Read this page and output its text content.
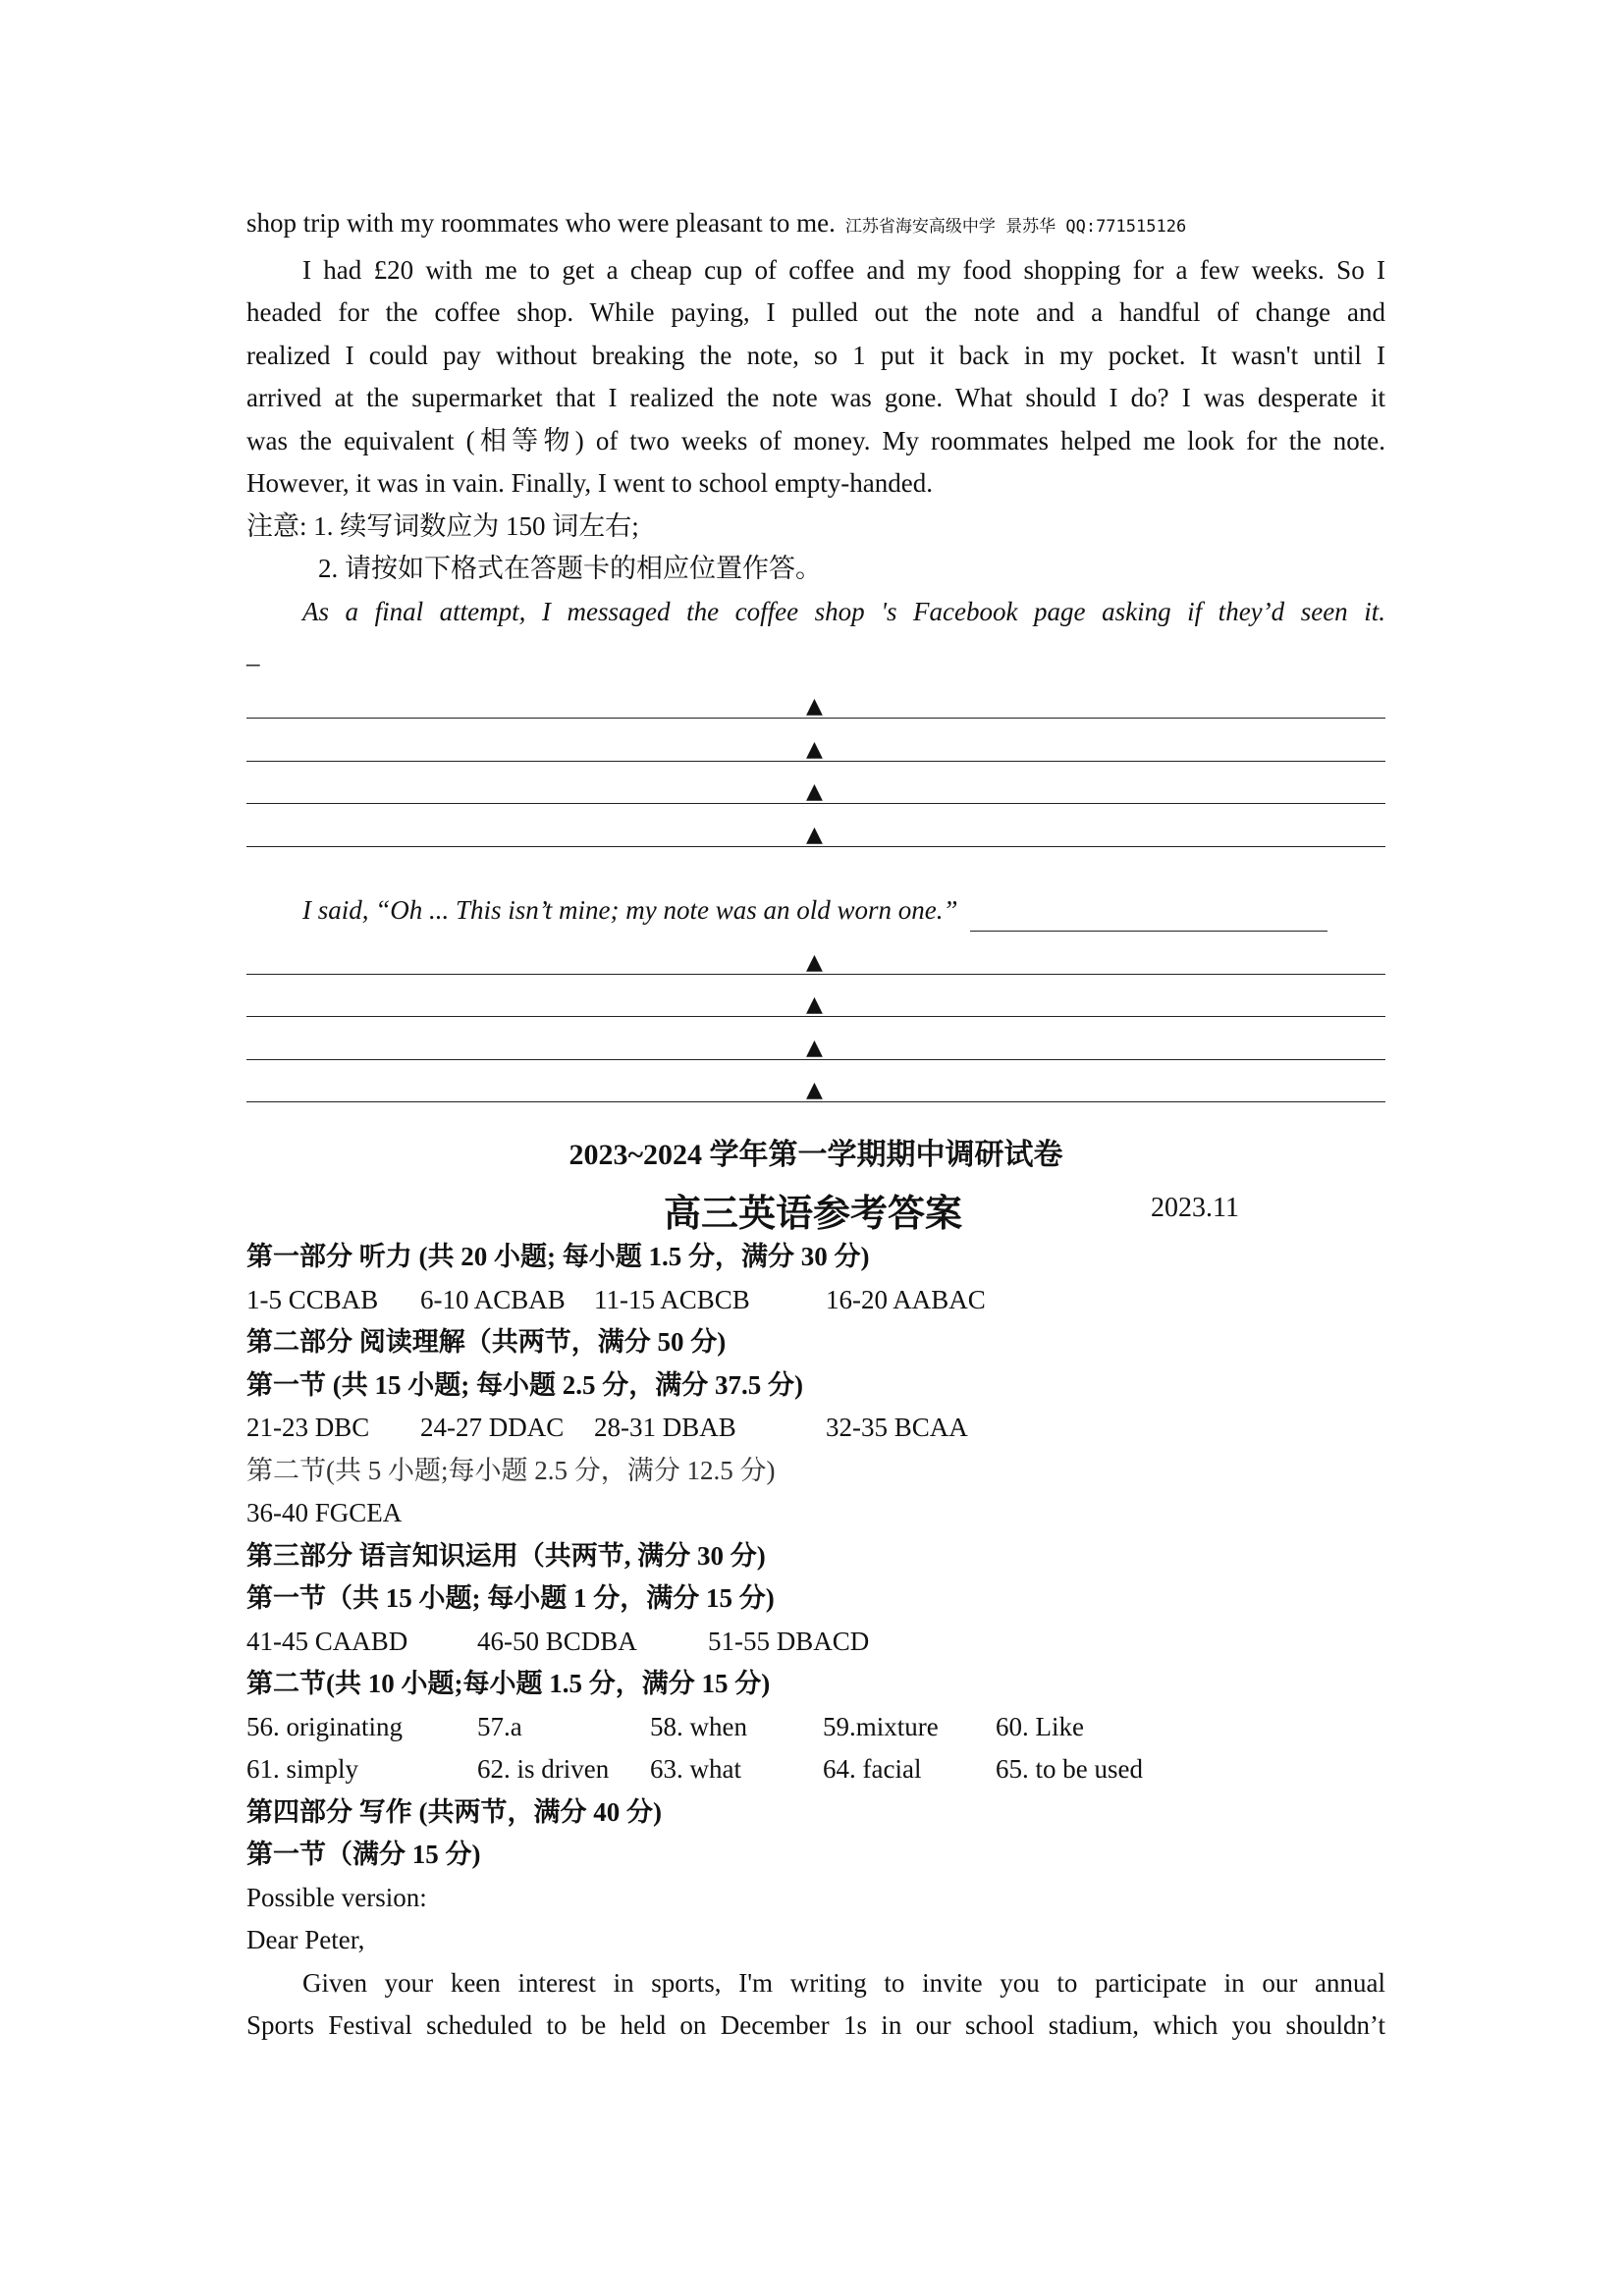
shop trip with my roommates who were pleasant to me. 江苏省海安高级中学 景苏华 QQ:771515126
I had £20 with me to get a cheap cup of coffee and my food shopping for a few weeks. So I
headed for the coffee shop. While paying, I pulled out the note and a handful of change and
realized I could pay without breaking the note, so 1 put it back in my pocket. It wasn't until I
arrived at the supermarket that I realized the note was gone. What should I do? I was desperate it
was the equivalent (相等物) of two weeks of money. My roommates helped me look for the note.
However, it was in vain. Finally, I went to school empty-handed.
注意: 1. 续写词数应为 150 词左右;
2. 请按如下格式在答题卡的相应位置作答。
As a final attempt, I messaged the coffee shop 's Facebook page asking if they’d seen it.
_
▲
▲
▲
▲
I said, “Oh ... This isn’t mine; my note was an old worn one.”
▲
▲
▲
▲
2023~2024 学年第一学期期中调研试卷
高三英语参考答案	2023.11
第一部分 听力 (共 20 小题; 每小题 1.5 分，满分 30 分)
1-5 CCBAB	6-10 ACBAB	11-15 ACBCB	16-20 AABAC
第二部分 阅读理解（共两节，满分 50 分)
第一节 (共 15 小题; 每小题 2.5 分，满分 37.5 分)
21-23 DBC	24-27 DDAC	28-31 DBAB	32-35 BCAA
第二节(共 5 小题;每小题 2.5 分，满分 12.5 分)
36-40 FGCEA
第三部分 语言知识运用（共两节, 满分 30 分)
第一节（共 15 小题; 每小题 1 分，满分 15 分)
41-45 CAABD	46-50 BCDBA	51-55 DBACD
第二节(共 10 小题;每小题 1.5 分，满分 15 分)
56. originating	57.a	58. when	59.mixture	60. Like
61. simply	62. is driven	63. what	64. facial	65. to be used
第四部分 写作 (共两节，满分 40 分)
第一节（满分 15 分)
Possible version:
Dear Peter,
Given your keen interest in sports, I'm writing to invite you to participate in our annual
Sports Festival scheduled to be held on December 1s in our school stadium, which you shouldn’t
